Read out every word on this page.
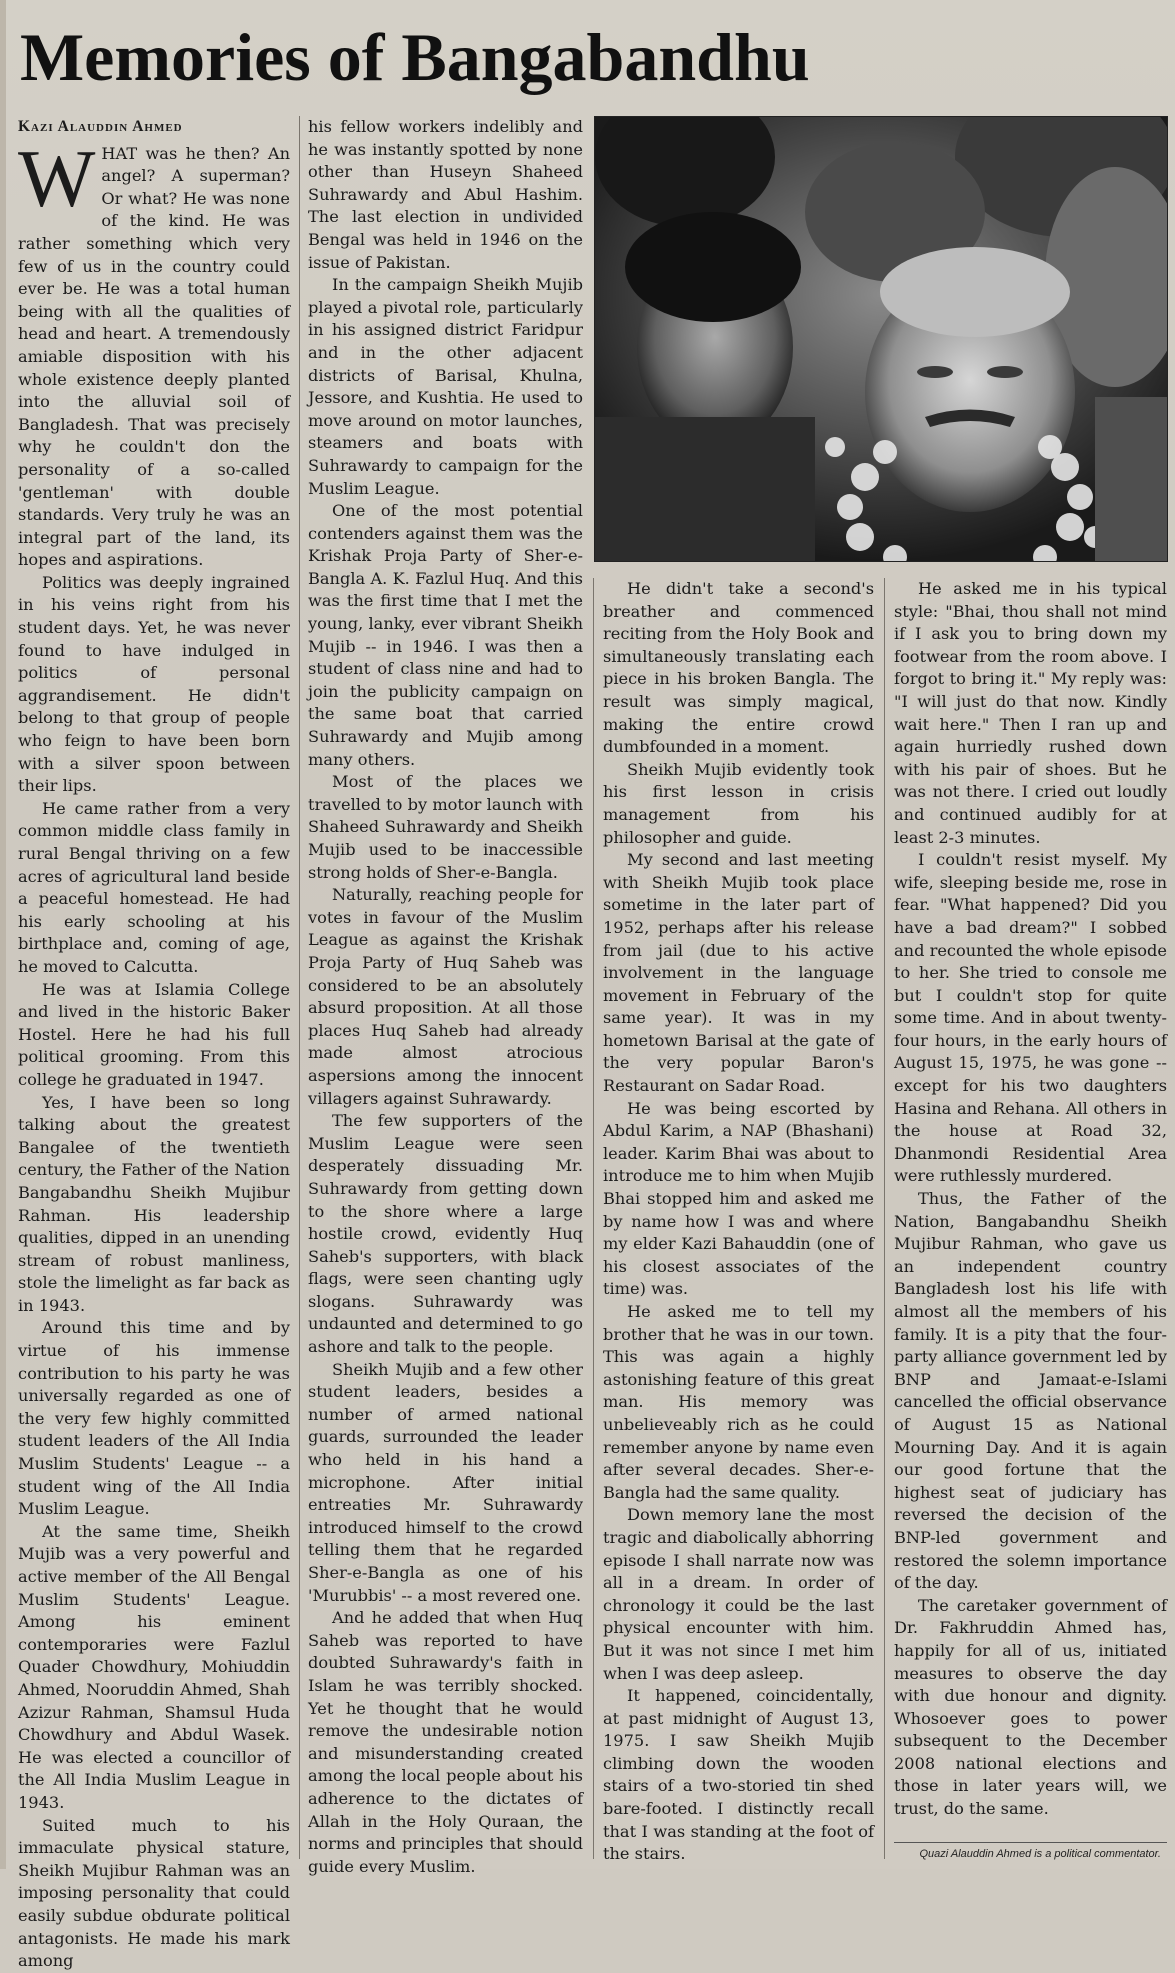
Memories of Bangabandhu
Kazi Alauddin Ahmed
W HAT was he then? An angel? A superman? Or what? He was none of the kind. He was rather something which very few of us in the country could ever be. He was a total human being with all the qualities of head and heart. A tremendously amiable disposition with his whole existence deeply planted into the alluvial soil of Bangladesh. That was precisely why he couldn't don the personality of a so-called 'gentleman' with double standards. Very truly he was an integral part of the land, its hopes and aspirations.

Politics was deeply ingrained in his veins right from his student days. Yet, he was never found to have indulged in politics of personal aggrandisement. He didn't belong to that group of people who feign to have been born with a silver spoon between their lips.

He came rather from a very common middle class family in rural Bengal thriving on a few acres of agricultural land beside a peaceful homestead. He had his early schooling at his birthplace and, coming of age, he moved to Calcutta.

He was at Islamia College and lived in the historic Baker Hostel. Here he had his full political grooming. From this college he graduated in 1947.

Yes, I have been so long talking about the greatest Bangalee of the twentieth century, the Father of the Nation Bangabandhu Sheikh Mujibur Rahman. His leadership qualities, dipped in an unending stream of robust manliness, stole the limelight as far back as in 1943.

Around this time and by virtue of his immense contribution to his party he was universally regarded as one of the very few highly committed student leaders of the All India Muslim Students' League -- a student wing of the All India Muslim League.

At the same time, Sheikh Mujib was a very powerful and active member of the All Bengal Muslim Students' League. Among his eminent contemporaries were Fazlul Quader Chowdhury, Mohiuddin Ahmed, Nooruddin Ahmed, Shah Azizur Rahman, Shamsul Huda Chowdhury and Abdul Wasek. He was elected a councillor of the All India Muslim League in 1943.

Suited much to his immaculate physical stature, Sheikh Mujibur Rahman was an imposing personality that could easily subdue obdurate political antagonists. He made his mark among

his fellow workers indelibly and he was instantly spotted by none other than Huseyn Shaheed Suhrawardy and Abul Hashim. The last election in undivided Bengal was held in 1946 on the issue of Pakistan.

In the campaign Sheikh Mujib played a pivotal role, particularly in his assigned district Faridpur and in the other adjacent districts of Barisal, Khulna, Jessore, and Kushtia. He used to move around on motor launches, steamers and boats with Suhrawardy to campaign for the Muslim League.

One of the most potential contenders against them was the Krishak Proja Party of Sher-e-Bangla A. K. Fazlul Huq. And this was the first time that I met the young, lanky, ever vibrant Sheikh Mujib -- in 1946. I was then a student of class nine and had to join the publicity campaign on the same boat that carried Suhrawardy and Mujib among many others.

Most of the places we travelled to by motor launch with Shaheed Suhrawardy and Sheikh Mujib used to be inaccessible strong holds of Sher-e-Bangla.

Naturally, reaching people for votes in favour of the Muslim League as against the Krishak Proja Party of Huq Saheb was considered to be an absolutely absurd proposition. At all those places Huq Saheb had already made almost atrocious aspersions among the innocent villagers against Suhrawardy.

The few supporters of the Muslim League were seen desperately dissuading Mr. Suhrawardy from getting down to the shore where a large hostile crowd, evidently Huq Saheb's supporters, with black flags, were seen chanting ugly slogans. Suhrawardy was undaunted and determined to go ashore and talk to the people.

Sheikh Mujib and a few other student leaders, besides a number of armed national guards, surrounded the leader who held in his hand a microphone. After initial entreaties Mr. Suhrawardy introduced himself to the crowd telling them that he regarded Sher-e-Bangla as one of his 'Murubbis' -- a most revered one.

And he added that when Huq Saheb was reported to have doubted Suhrawardy's faith in Islam he was terribly shocked. Yet he thought that he would remove the undesirable notion and misunderstanding created among the local people about his adherence to the dictates of Allah in the Holy Quraan, the norms and principles that should guide every Muslim.

He didn't take a second's breather and commenced reciting from the Holy Book and simultaneously translating each piece in his broken Bangla. The result was simply magical, making the entire crowd dumbfounded in a moment.

Sheikh Mujib evidently took his first lesson in crisis management from his philosopher and guide.

My second and last meeting with Sheikh Mujib took place sometime in the later part of 1952, perhaps after his release from jail (due to his active involvement in the language movement in February of the same year). It was in my hometown Barisal at the gate of the very popular Baron's Restaurant on Sadar Road.

He was being escorted by Abdul Karim, a NAP (Bhashani) leader. Karim Bhai was about to introduce me to him when Mujib Bhai stopped him and asked me by name how I was and where my elder Kazi Bahauddin (one of his closest associates of the time) was.

He asked me to tell my brother that he was in our town. This was again a highly astonishing feature of this great man. His memory was unbelieveably rich as he could remember anyone by name even after several decades. Sher-e-Bangla had the same quality.

Down memory lane the most tragic and diabolically abhorring episode I shall narrate now was all in a dream. In order of chronology it could be the last physical encounter with him. But it was not since I met him when I was deep asleep.

It happened, coincidentally, at past midnight of August 13, 1975. I saw Sheikh Mujib climbing down the wooden stairs of a two-storied tin shed bare-footed. I distinctly recall that I was standing at the foot of the stairs.

He asked me in his typical style: "Bhai, thou shall not mind if I ask you to bring down my footwear from the room above. I forgot to bring it." My reply was: "I will just do that now. Kindly wait here." Then I ran up and again hurriedly rushed down with his pair of shoes. But he was not there. I cried out loudly and continued audibly for at least 2-3 minutes.

I couldn't resist myself. My wife, sleeping beside me, rose in fear. "What happened? Did you have a bad dream?" I sobbed and recounted the whole episode to her. She tried to console me but I couldn't stop for quite some time. And in about twenty-four hours, in the early hours of August 15, 1975, he was gone -- except for his two daughters Hasina and Rehana. All others in the house at Road 32, Dhanmondi Residential Area were ruthlessly murdered.

Thus, the Father of the Nation, Bangabandhu Sheikh Mujibur Rahman, who gave us an independent country Bangladesh lost his life with almost all the members of his family. It is a pity that the four-party alliance government led by BNP and Jamaat-e-Islami cancelled the official observance of August 15 as National Mourning Day. And it is again our good fortune that the highest seat of judiciary has reversed the decision of the BNP-led government and restored the solemn importance of the day.

The caretaker government of Dr. Fakhruddin Ahmed has, happily for all of us, initiated measures to observe the day with due honour and dignity. Whosoever goes to power subsequent to the December 2008 national elections and those in later years will, we trust, do the same.

Quazi Alauddin Ahmed is a political commentator.
